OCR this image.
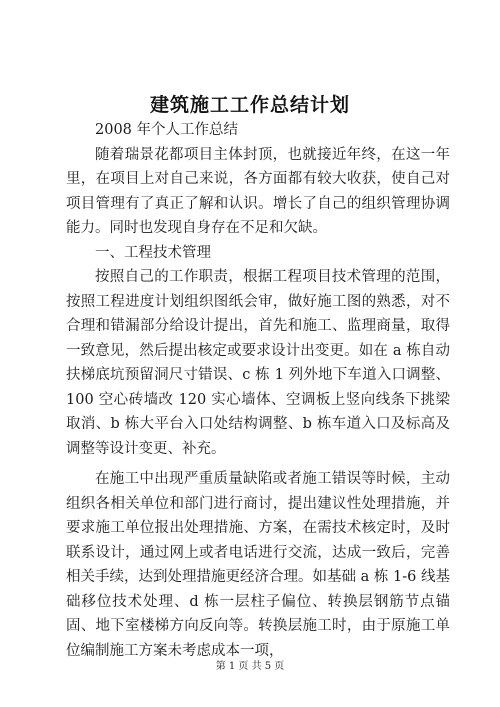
建筑施工工作总结计划

2008 年个人工作总结

随着瑞景花都项目主体封顶，也就接近年终，在这一年里，在项目上对自己来说，各方面都有较大收获，使自己对项目管理有了真正了解和认识。增长了自己的组织管理协调能力。同时也发现自身存在不足和欠缺。

一、工程技术管理

按照自己的工作职责，根据工程项目技术管理的范围，按照工程进度计划组织图纸会审，做好施工图的熟悉，对不合理和错漏部分给设计提出，首先和施工、监理商量，取得一致意见，然后提出核定或要求设计出变更。如在 a 栋自动扶梯底坑预留洞尺寸错误、c 栋 1 列外地下车道入口调整、100 空心砖墙改 120 实心墙体、空调板上竖向线条下挑梁取消、b 栋大平台入口处结构调整、b 栋车道入口及标高及调整等设计变更、补充。

在施工中出现严重质量缺陷或者施工错误等时候，主动组织各相关单位和部门进行商讨，提出建议性处理措施，并要求施工单位报出处理措施、方案，在需技术核定时，及时联系设计，通过网上或者电话进行交流，达成一致后，完善相关手续，达到处理措施更经济合理。如基础 a 栋 1-6 线基础移位技术处理、d 栋一层柱子偏位、转换层钢筋节点锚固、地下室楼梯方向反向等。转换层施工时，由于原施工单位编制施工方案未考虑成本一项，

第 1 页 共 5 页
